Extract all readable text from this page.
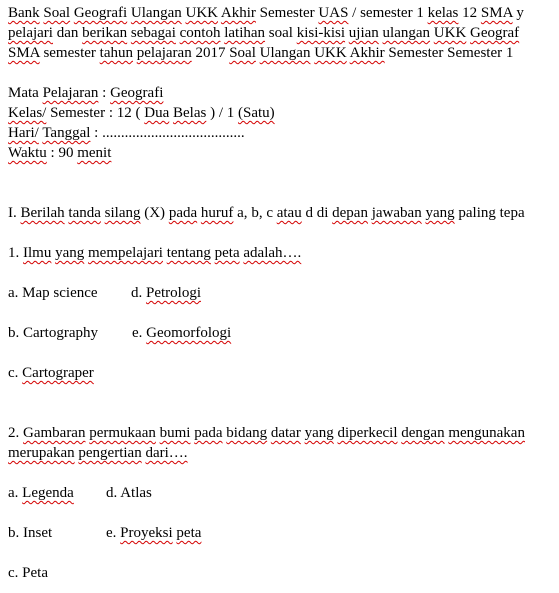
Bank Soal Geografi Ulangan UKK Akhir Semester UAS / semester 1 kelas 12 SMA y
pelajari dan berikan sebagai contoh latihan soal kisi-kisi ujian ulangan UKK Geograf
SMA semester tahun pelajaran 2017 Soal Ulangan UKK Akhir Semester Semester 1
Mata Pelajaran : Geografi
Kelas/ Semester : 12 ( Dua Belas ) / 1 (Satu)
Hari/ Tanggal : ......................................
Waktu : 90 menit
I. Berilah tanda silang (X) pada huruf a, b, c atau d di depan jawaban yang paling tepa
1. Ilmu yang mempelajari tentang peta adalah….
a. Map science d. Petrologi
b. Cartography e. Geomorfologi
c. Cartograper
2. Gambaran permukaan bumi pada bidang datar yang diperkecil dengan mengunakan
merupakan pengertian dari….
a. Legenda d. Atlas
b. Inset	e. Proyeksi peta
c. Peta
